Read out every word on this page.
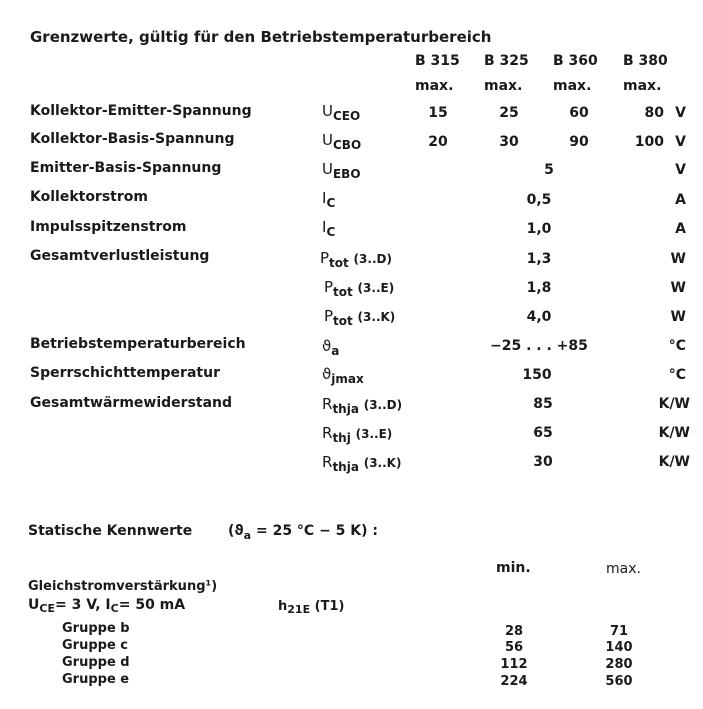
Grenzwerte, gültig für den Betriebstemperaturbereich
B 315 B 325 B 360 B 380
max. max. max. max.
Kollektor-Emitter-Spannung	$U_{CEO}$	15	25	60	80 V
Kollektor-Basis-Spannung	$U_{CBO}$	20	30	90	100 V
Emitter-Basis-Spannung	$U_{EBO}$	5	V
Kollektorstrom	$I_C$	0,5	A
Impulsspitzenstrom	$I_C$	1,0	A
Gesamtverlustleistung	$P_{tot}$ (3..D)	1,3	W
$P_{tot}$ (3..E)	1,8	W
$P_{tot}$ (3..K)	4,0	W
Betriebstemperaturbereich	$ϑ_a$	−25 . . . +85	°C
Sperrschichttemperatur	$ϑ_{jmax}$	150	°C
Gesamtwärmewiderstand	$R_{thja}$ (3..D)	85	K/W
$R_{thj}$ (3..E)	65	K/W
$R_{thja}$ (3..K)	30	K/W
Statische Kennwerte	($ϑ_a = 25$ °C − 5 K) :
min.	max.
Gleichstromverstärkung¹)
$U_{CE}= 3$ V, $I_C= 50$ mA	$h_{21E}$ (T1)
Gruppe b	28	71
Gruppe c	56	140
Gruppe d	112	280
Gruppe e	224	560
